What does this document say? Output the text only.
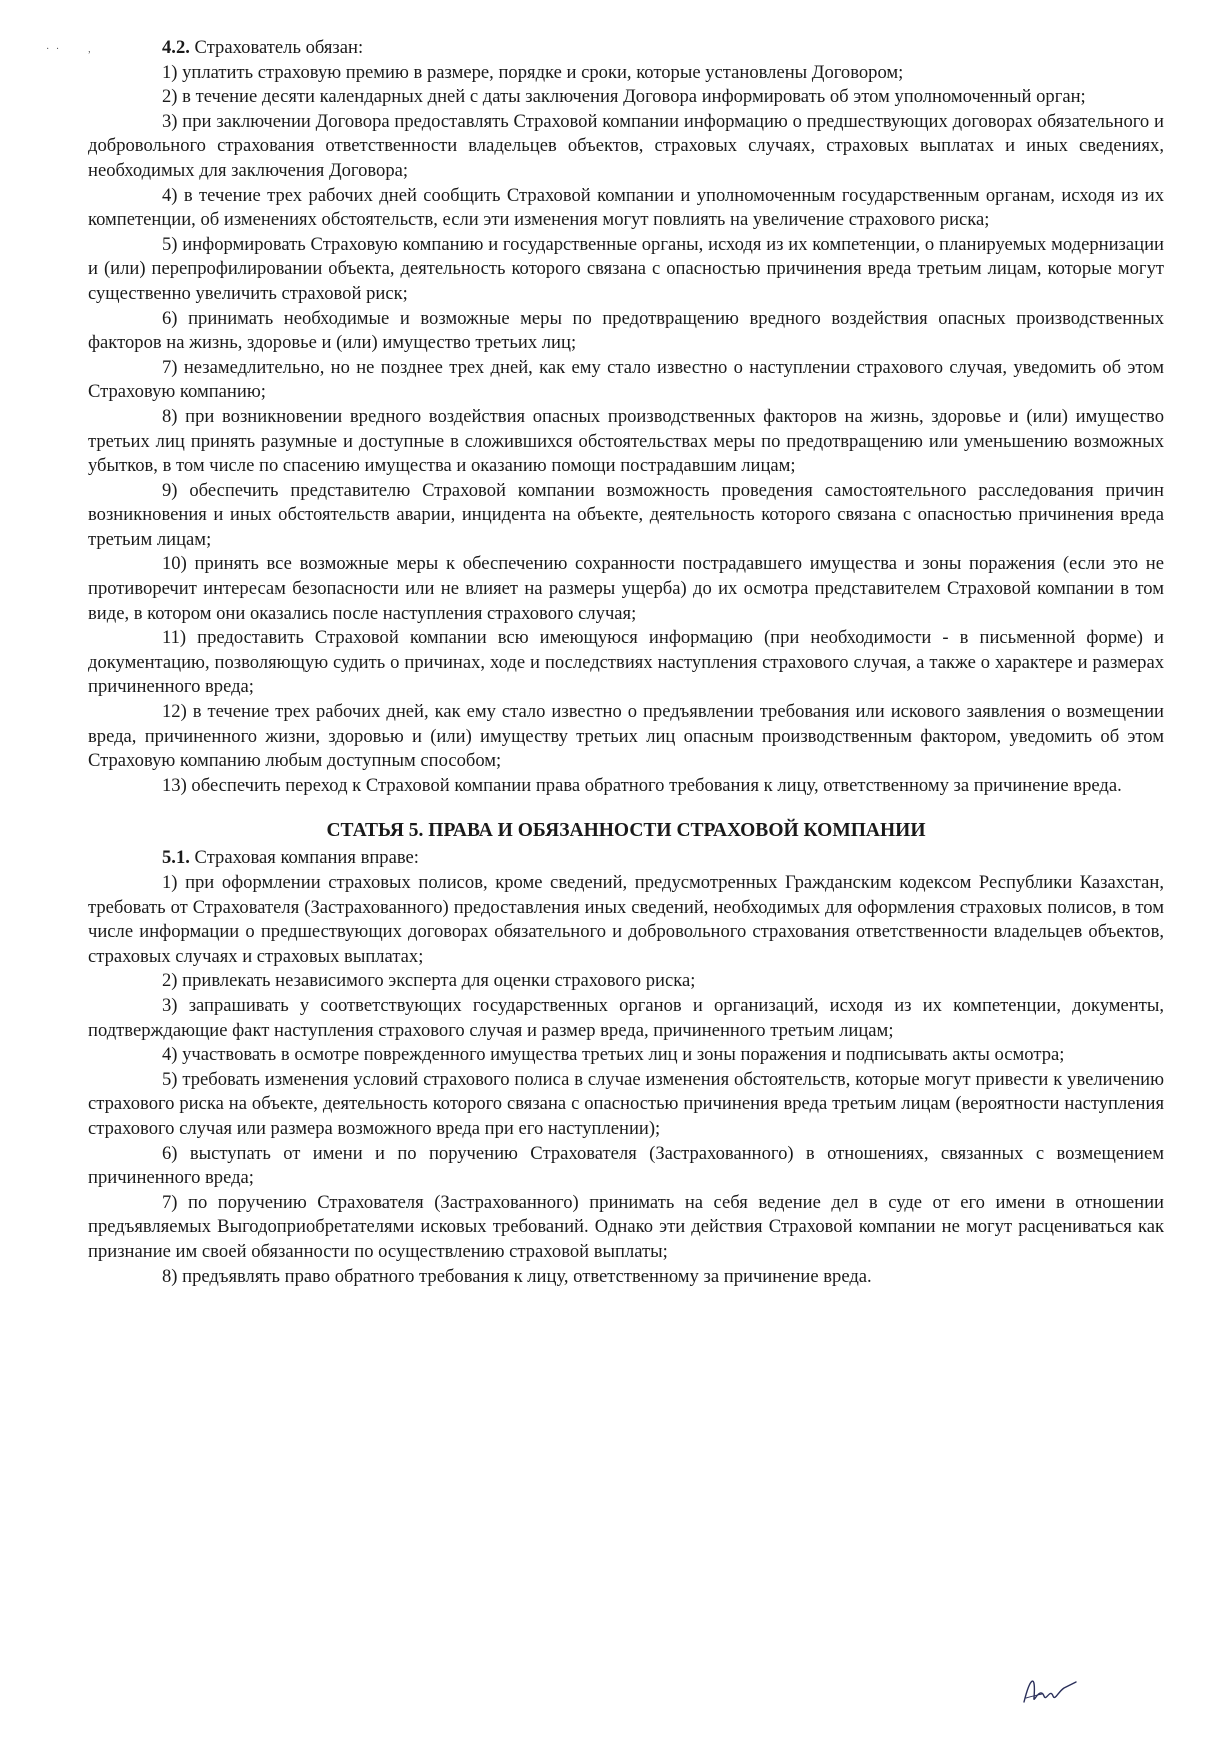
· ·      ,	4.2. Страхователь обязан:

1) уплатить страховую премию в размере, порядке и сроки, которые установлены Договором;

2) в течение десяти календарных дней с даты заключения Договора информировать об этом уполномоченный орган;

3) при заключении Договора предоставлять Страховой компании информацию о предшествующих договорах обязательного и добровольного страхования ответственности владельцев объектов, страховых случаях, страховых выплатах и иных сведениях, необходимых для заключения Договора;

4) в течение трех рабочих дней сообщить Страховой компании и уполномоченным государственным органам, исходя из их компетенции, об изменениях обстоятельств, если эти изменения могут повлиять на увеличение страхового риска;

5) информировать Страховую компанию и государственные органы, исходя из их компетенции, о планируемых модернизации и (или) перепрофилировании объекта, деятельность которого связана с опасностью причинения вреда третьим лицам, которые могут существенно увеличить страховой риск;

6) принимать необходимые и возможные меры по предотвращению вредного воздействия опасных производственных факторов на жизнь, здоровье и (или) имущество третьих лиц;

7) незамедлительно, но не позднее трех дней, как ему стало известно о наступлении страхового случая, уведомить об этом Страховую компанию;

8) при возникновении вредного воздействия опасных производственных факторов на жизнь, здоровье и (или) имущество третьих лиц принять разумные и доступные в сложившихся обстоятельствах меры по предотвращению или уменьшению возможных убытков, в том числе по спасению имущества и оказанию помощи пострадавшим лицам;

9) обеспечить представителю Страховой компании возможность проведения самостоятельного расследования причин возникновения и иных обстоятельств аварии, инцидента на объекте, деятельность которого связана с опасностью причинения вреда третьим лицам;

10) принять все возможные меры к обеспечению сохранности пострадавшего имущества и зоны поражения (если это не противоречит интересам безопасности или не влияет на размеры ущерба) до их осмотра представителем Страховой компании в том виде, в котором они оказались после наступления страхового случая;

11) предоставить Страховой компании всю имеющуюся информацию (при необходимости - в письменной форме) и документацию, позволяющую судить о причинах, ходе и последствиях наступления страхового случая, а также о характере и размерах причиненного вреда;

12) в течение трех рабочих дней, как ему стало известно о предъявлении требования или искового заявления о возмещении вреда, причиненного жизни, здоровью и (или) имуществу третьих лиц опасным производственным фактором, уведомить об этом Страховую компанию любым доступным способом;

13) обеспечить переход к Страховой компании права обратного требования к лицу, ответственному за причинение вреда.

СТАТЬЯ 5. ПРАВА И ОБЯЗАННОСТИ СТРАХОВОЙ КОМПАНИИ

5.1. Страховая компания вправе:

1) при оформлении страховых полисов, кроме сведений, предусмотренных Гражданским кодексом Республики Казахстан, требовать от Страхователя (Застрахованного) предоставления иных сведений, необходимых для оформления страховых полисов, в том числе информации о предшествующих договорах обязательного и добровольного страхования ответственности владельцев объектов, страховых случаях и страховых выплатах;

2) привлекать независимого эксперта для оценки страхового риска;

3) запрашивать у соответствующих государственных органов и организаций, исходя из их компетенции, документы, подтверждающие факт наступления страхового случая и размер вреда, причиненного третьим лицам;

4) участвовать в осмотре поврежденного имущества третьих лиц и зоны поражения и подписывать акты осмотра;

5) требовать изменения условий страхового полиса в случае изменения обстоятельств, которые могут привести к увеличению страхового риска на объекте, деятельность которого связана с опасностью причинения вреда третьим лицам (вероятности наступления страхового случая или размера возможного вреда при его наступлении);

6) выступать от имени и по поручению Страхователя (Застрахованного) в отношениях, связанных с возмещением причиненного вреда;

7) по поручению Страхователя (Застрахованного) принимать на себя ведение дел в суде от его имени в отношении предъявляемых Выгодоприобретателями исковых требований. Однако эти действия Страховой компании не могут расцениваться как признание им своей обязанности по осуществлению страховой выплаты;

8) предъявлять право обратного требования к лицу, ответственному за причинение вреда.
